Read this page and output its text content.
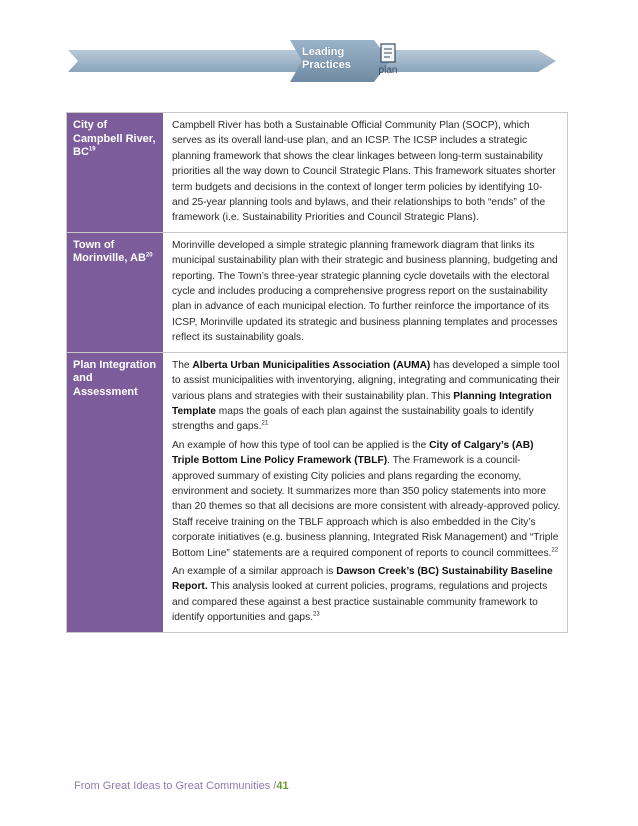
Leading
Practices	plan
City of Campbell River, BC$^{19}$

Campbell River has both a Sustainable Official Community Plan (SOCP), which serves as its overall land-use plan, and an ICSP. The ICSP includes a strategic planning framework that shows the clear linkages between long-term sustainability priorities all the way down to Council Strategic Plans. This framework situates shorter term budgets and decisions in the context of longer term policies by identifying 10- and 25-year planning tools and bylaws, and their relationships to both “ends” of the framework (i.e. Sustainability Priorities and Council Strategic Plans).

Town of Morinville, AB$^{20}$

Morinville developed a simple strategic planning framework diagram that links its municipal sustainability plan with their strategic and business planning, budgeting and reporting. The Town’s three-year strategic planning cycle dovetails with the electoral cycle and includes producing a comprehensive progress report on the sustainability plan in advance of each municipal election. To further reinforce the importance of its ICSP, Morinville updated its strategic and business planning templates and processes reflect its sustainability goals.

Plan Integration and Assessment

The Alberta Urban Municipalities Association (AUMA) has developed a simple tool to assist municipalities with inventorying, aligning, integrating and communicating their various plans and strategies with their sustainability plan. This Planning Integration Template maps the goals of each plan against the sustainability goals to identify strengths and gaps.$^{21}$

An example of how this type of tool can be applied is the City of Calgary’s (AB) Triple Bottom Line Policy Framework (TBLF). The Framework is a council-approved summary of existing City policies and plans regarding the economy, environment and society. It summarizes more than 350 policy statements into more than 20 themes so that all decisions are more consistent with already-approved policy. Staff receive training on the TBLF approach which is also embedded in the City’s corporate initiatives (e.g. business planning, Integrated Risk Management) and “Triple Bottom Line” statements are a required component of reports to council committees.$^{22}$

An example of a similar approach is Dawson Creek’s (BC) Sustainability Baseline Report. This analysis looked at current policies, programs, regulations and projects and compared these against a best practice sustainable community framework to identify opportunities and gaps.$^{23}$

From Great Ideas to Great Communities /41
